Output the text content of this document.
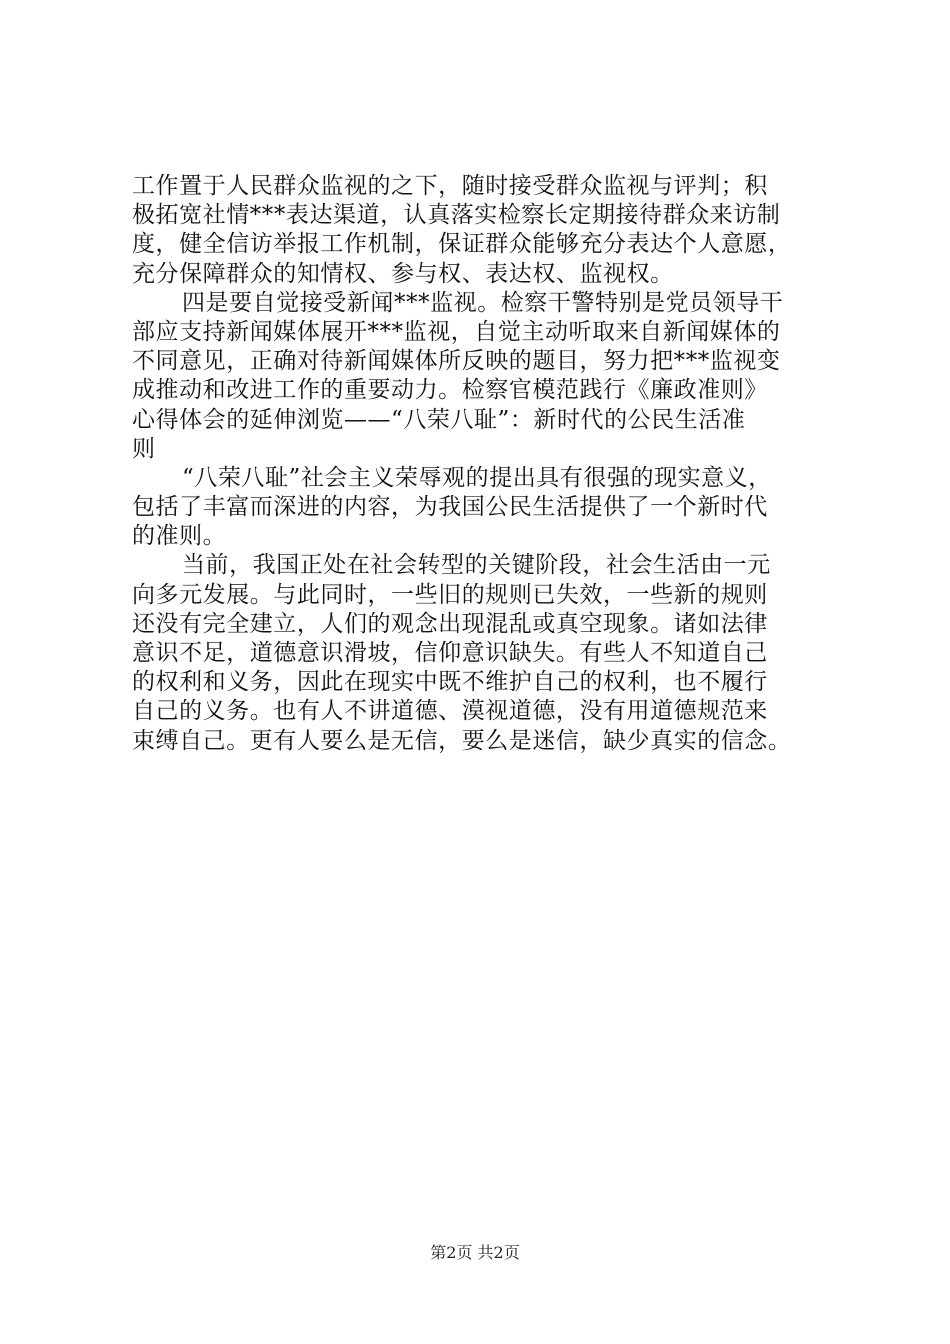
工作置于人民群众监视的之下，随时接受群众监视与评判；积
极拓宽社情***表达渠道，认真落实检察长定期接待群众来访制
度，健全信访举报工作机制，保证群众能够充分表达个人意愿，
充分保障群众的知情权、参与权、表达权、监视权。
四是要自觉接受新闻***监视。检察干警特别是党员领导干
部应支持新闻媒体展开***监视，自觉主动听取来自新闻媒体的
不同意见，正确对待新闻媒体所反映的题目，努力把***监视变
成推动和改进工作的重要动力。检察官模范践行《廉政准则》
心得体会的延伸浏览——“八荣八耻”：新时代的公民生活准
则
“八荣八耻”社会主义荣辱观的提出具有很强的现实意义，
包括了丰富而深进的内容，为我国公民生活提供了一个新时代
的准则。
当前，我国正处在社会转型的关键阶段，社会生活由一元
向多元发展。与此同时，一些旧的规则已失效，一些新的规则
还没有完全建立，人们的观念出现混乱或真空现象。诸如法律
意识不足，道德意识滑坡，信仰意识缺失。有些人不知道自己
的权利和义务，因此在现实中既不维护自己的权利，也不履行
自己的义务。也有人不讲道德、漠视道德，没有用道德规范来
束缚自己。更有人要么是无信，要么是迷信，缺少真实的信念。
第2页 共2页
